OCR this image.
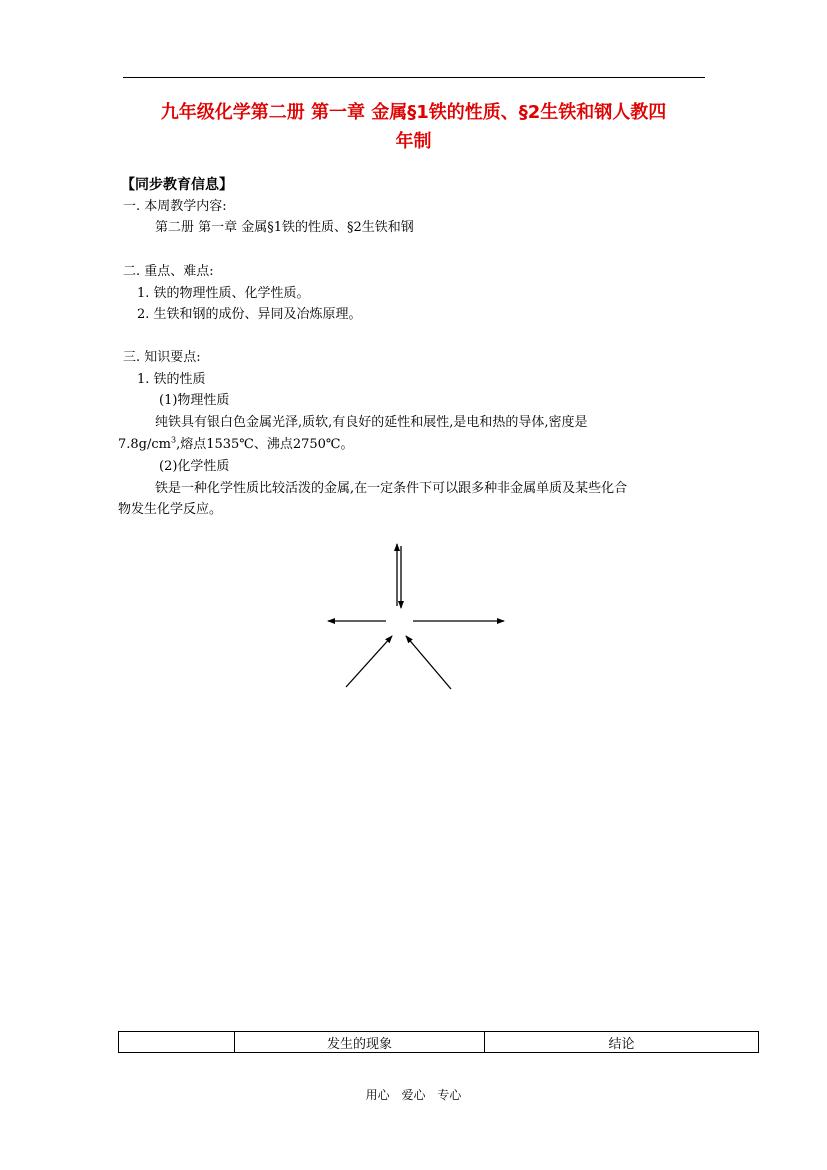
九年级化学第二册 第一章 金属§1铁的性质、§2生铁和钢人教四
年制
【同步教育信息】
一. 本周教学内容:
第二册 第一章 金属§1铁的性质、§2生铁和钢
二. 重点、难点:
1. 铁的物理性质、化学性质。
2. 生铁和钢的成份、异同及冶炼原理。
三. 知识要点:
1. 铁的性质
(1)物理性质
纯铁具有银白色金属光泽,质软,有良好的延性和展性,是电和热的导体,密度是
$7.8g/cm^3$,熔点1535℃、沸点2750℃。
(2)化学性质
铁是一种化学性质比较活泼的金属,在一定条件下可以跟多种非金属单质及某些化合
物发生化学反应。
	发生的现象	结论
用心 爱心 专心
